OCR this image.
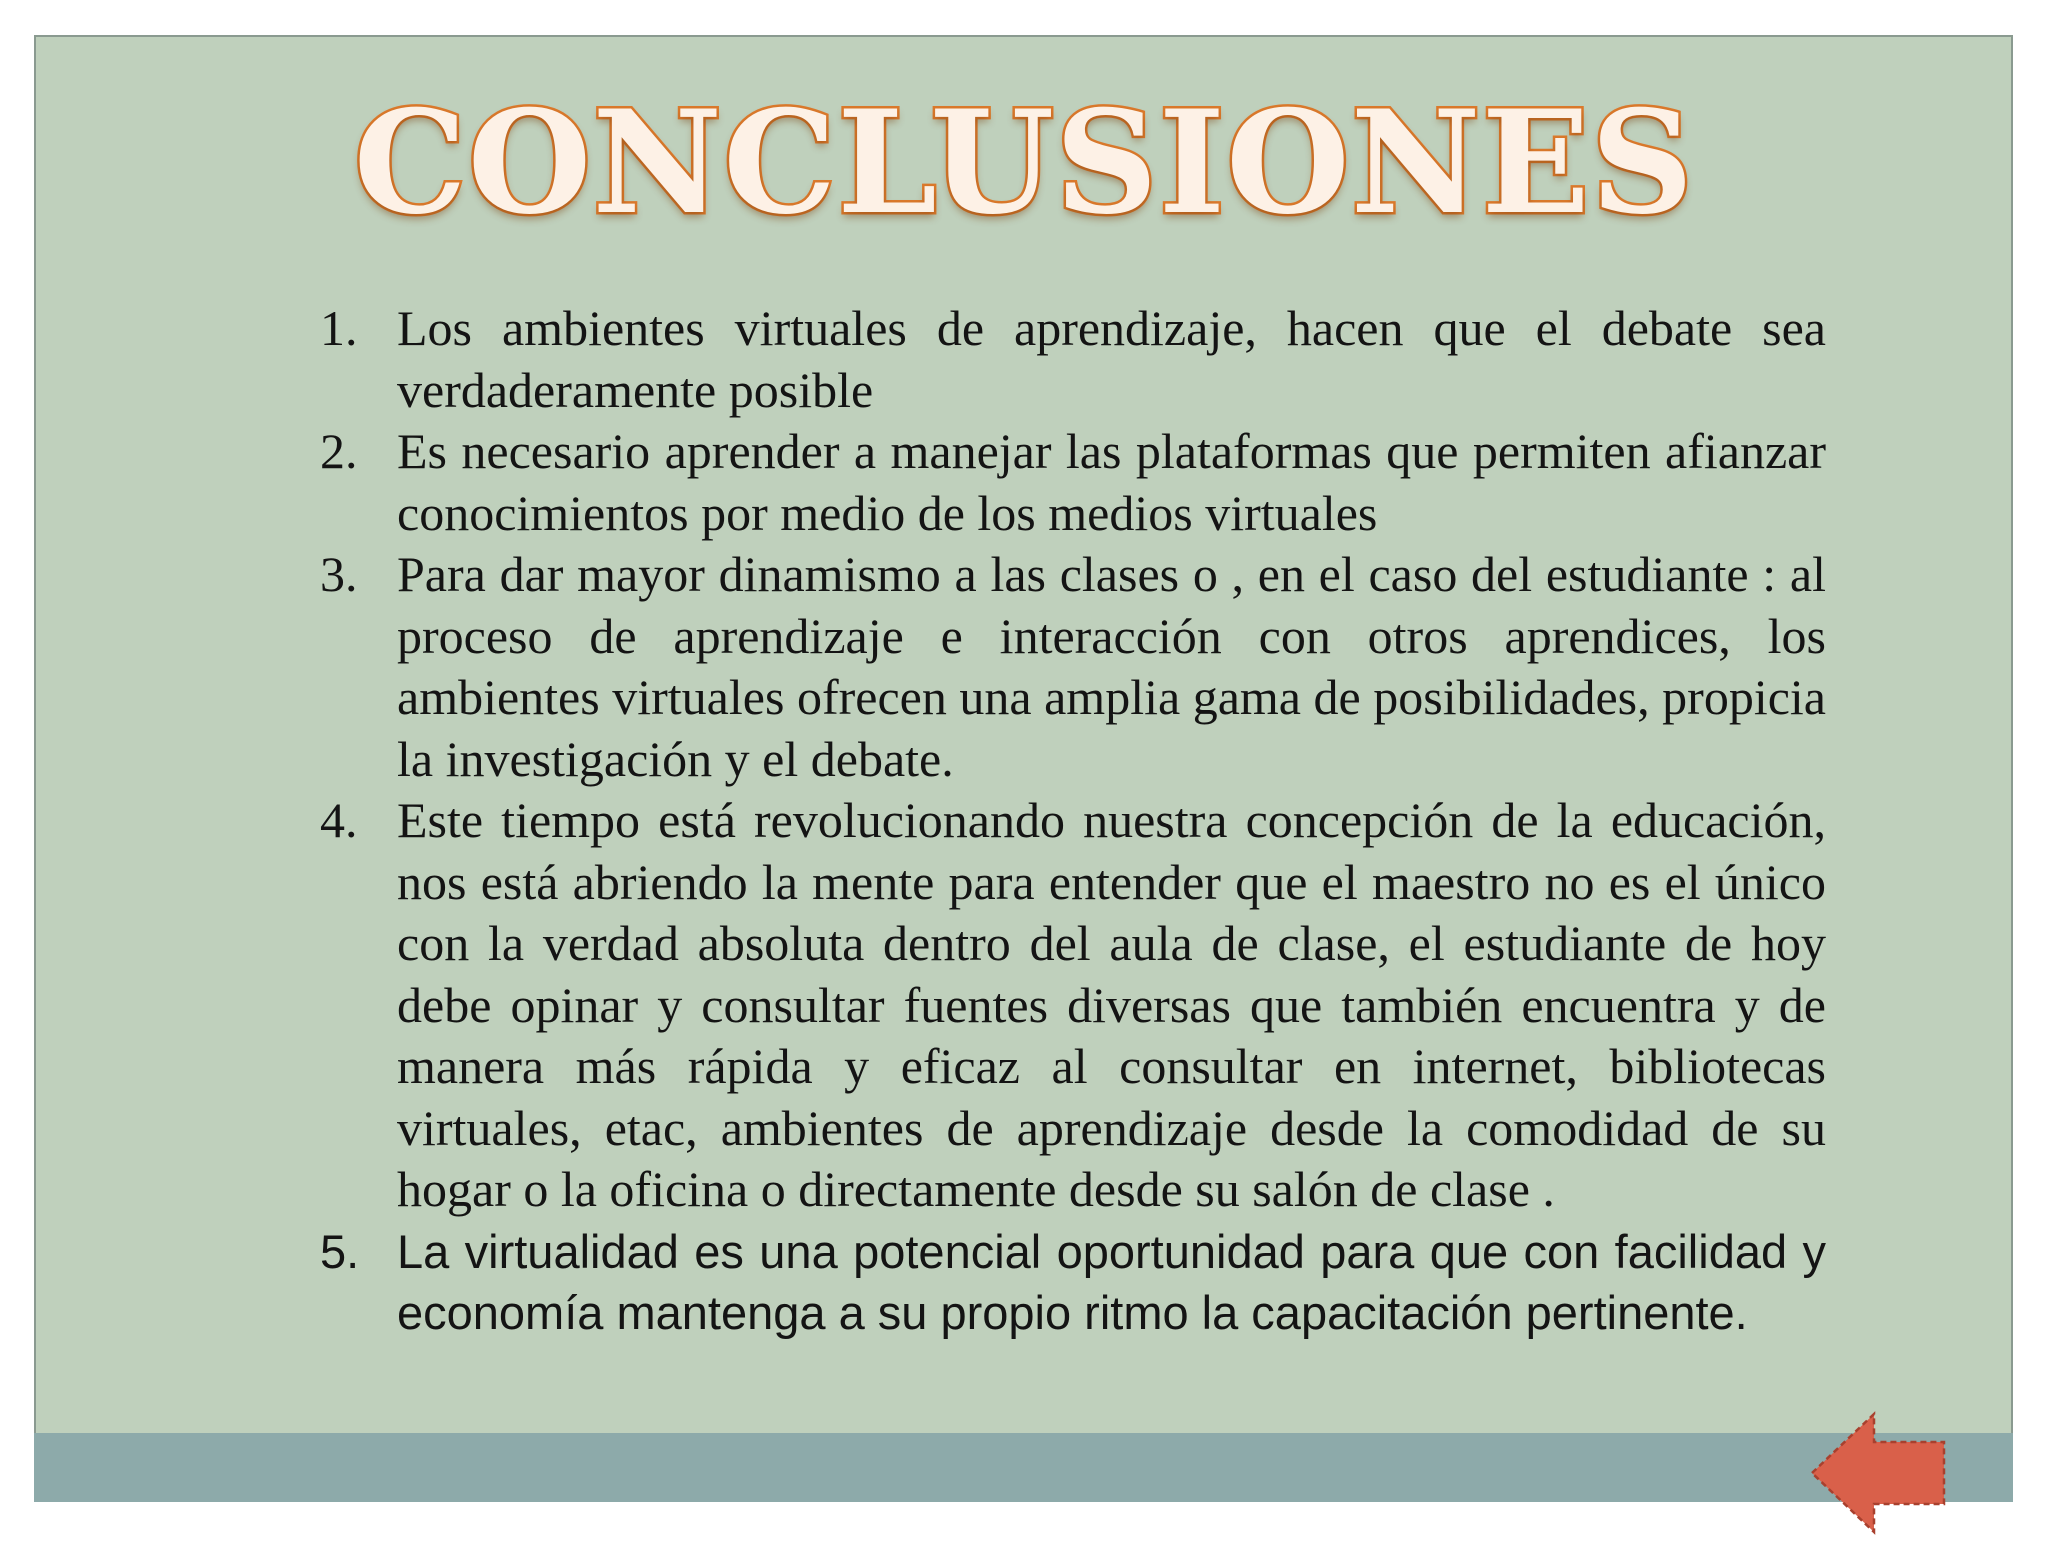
CONCLUSIONES
1. Los ambientes virtuales de aprendizaje, hacen que el debate sea verdaderamente posible
2. Es necesario aprender a manejar las plataformas que permiten afianzar conocimientos por medio de los medios virtuales
3. Para dar mayor dinamismo a las clases o , en el caso del estudiante : al proceso de aprendizaje e interacción con otros aprendices, los ambientes virtuales ofrecen una amplia gama de posibilidades, propicia la investigación y el debate.
4. Este tiempo está revolucionando nuestra concepción de la educación, nos está abriendo la mente para entender que el maestro no es el único con la verdad absoluta dentro del aula de clase, el estudiante de hoy debe opinar y consultar fuentes diversas que también encuentra y de manera más rápida y eficaz al consultar en internet, bibliotecas virtuales, etac, ambientes de aprendizaje desde la comodidad de su hogar o la oficina o directamente desde su salón de clase .
5. La virtualidad es una potencial oportunidad para que con facilidad y economía mantenga a su propio ritmo la capacitación pertinente.
